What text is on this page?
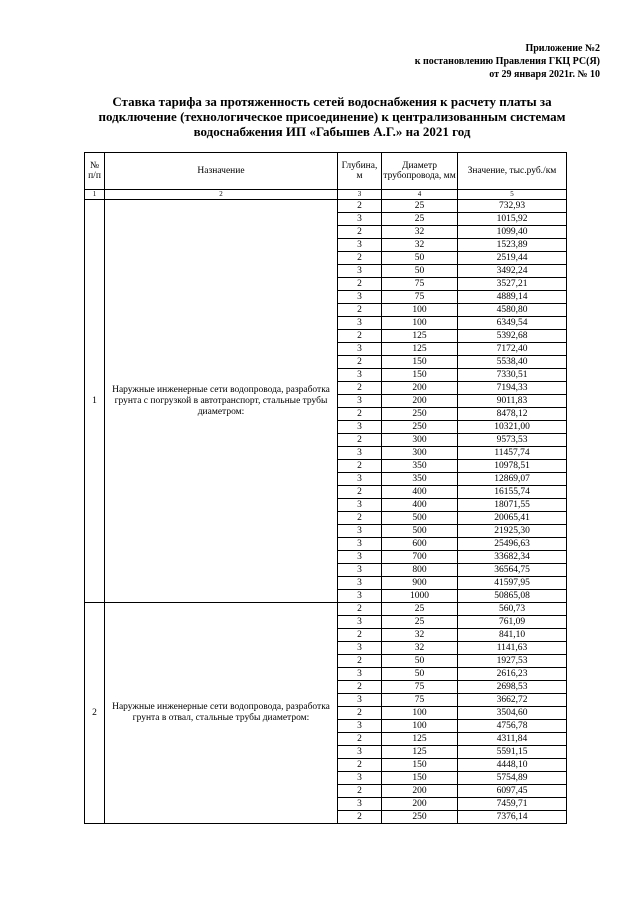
Приложение №2
к постановлению Правления ГКЦ РС(Я)
от 29 января 2021г. № 10
Ставка тарифа за протяженность сетей водоснабжения к расчету платы за
подключение (технологическое присоединение) к централизованным системам
водоснабжения ИП «Габышев А.Г.» на 2021 год
№ п/п	Назначение	Глубина, м	Диаметр трубопровода, мм	Значение, тыс.руб./км
1	2	3	4	5
1	Наружные инженерные сети водопровода, разработка грунта с погрузкой в автотранспорт, стальные трубы диаметром:	2	25	732,93
		3	25	1015,92
		2	32	1099,40
		3	32	1523,89
		2	50	2519,44
		3	50	3492,24
		2	75	3527,21
		3	75	4889,14
		2	100	4580,80
		3	100	6349,54
		2	125	5392,68
		3	125	7172,40
		2	150	5538,40
		3	150	7330,51
		2	200	7194,33
		3	200	9011,83
		2	250	8478,12
		3	250	10321,00
		2	300	9573,53
		3	300	11457,74
		2	350	10978,51
		3	350	12869,07
		2	400	16155,74
		3	400	18071,55
		2	500	20065,41
		3	500	21925,30
		3	600	25496,63
		3	700	33682,34
		3	800	36564,75
		3	900	41597,95
		3	1000	50865,08
2	Наружные инженерные сети водопровода, разработка грунта в отвал, стальные трубы диаметром:	2	25	560,73
		3	25	761,09
		2	32	841,10
		3	32	1141,63
		2	50	1927,53
		3	50	2616,23
		2	75	2698,53
		3	75	3662,72
		2	100	3504,60
		3	100	4756,78
		2	125	4311,84
		3	125	5591,15
		2	150	4448,10
		3	150	5754,89
		2	200	6097,45
		3	200	7459,71
		2	250	7376,14
